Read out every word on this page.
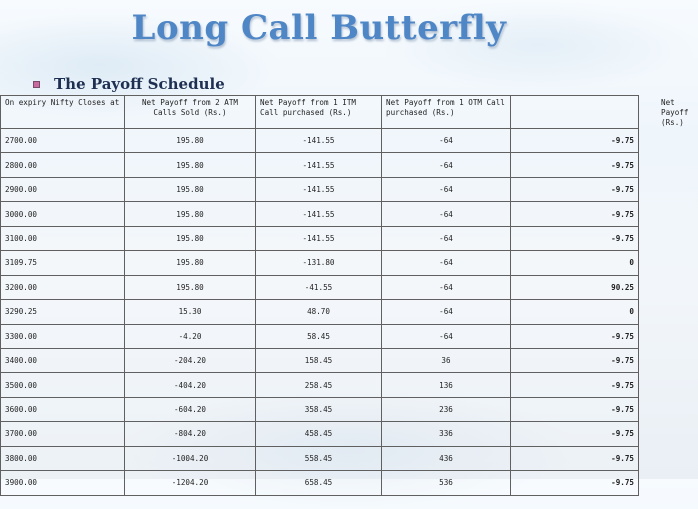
Long Call Butterfly
The Payoff Schedule
On expiry Nifty Closes at	Net Payoff from 2 ATM Calls Sold (Rs.)	Net Payoff from 1 ITM Call purchased (Rs.)	Net Payoff from 1 OTM Call purchased (Rs.)	Net Payoff (Rs.)
2700.00	195.80	-141.55	-64	-9.75
2800.00	195.80	-141.55	-64	-9.75
2900.00	195.80	-141.55	-64	-9.75
3000.00	195.80	-141.55	-64	-9.75
3100.00	195.80	-141.55	-64	-9.75
3109.75	195.80	-131.80	-64	0
3200.00	195.80	-41.55	-64	90.25
3290.25	15.30	48.70	-64	0
3300.00	-4.20	58.45	-64	-9.75
3400.00	-204.20	158.45	36	-9.75
3500.00	-404.20	258.45	136	-9.75
3600.00	-604.20	358.45	236	-9.75
3700.00	-804.20	458.45	336	-9.75
3800.00	-1004.20	558.45	436	-9.75
3900.00	-1204.20	658.45	536	-9.75
